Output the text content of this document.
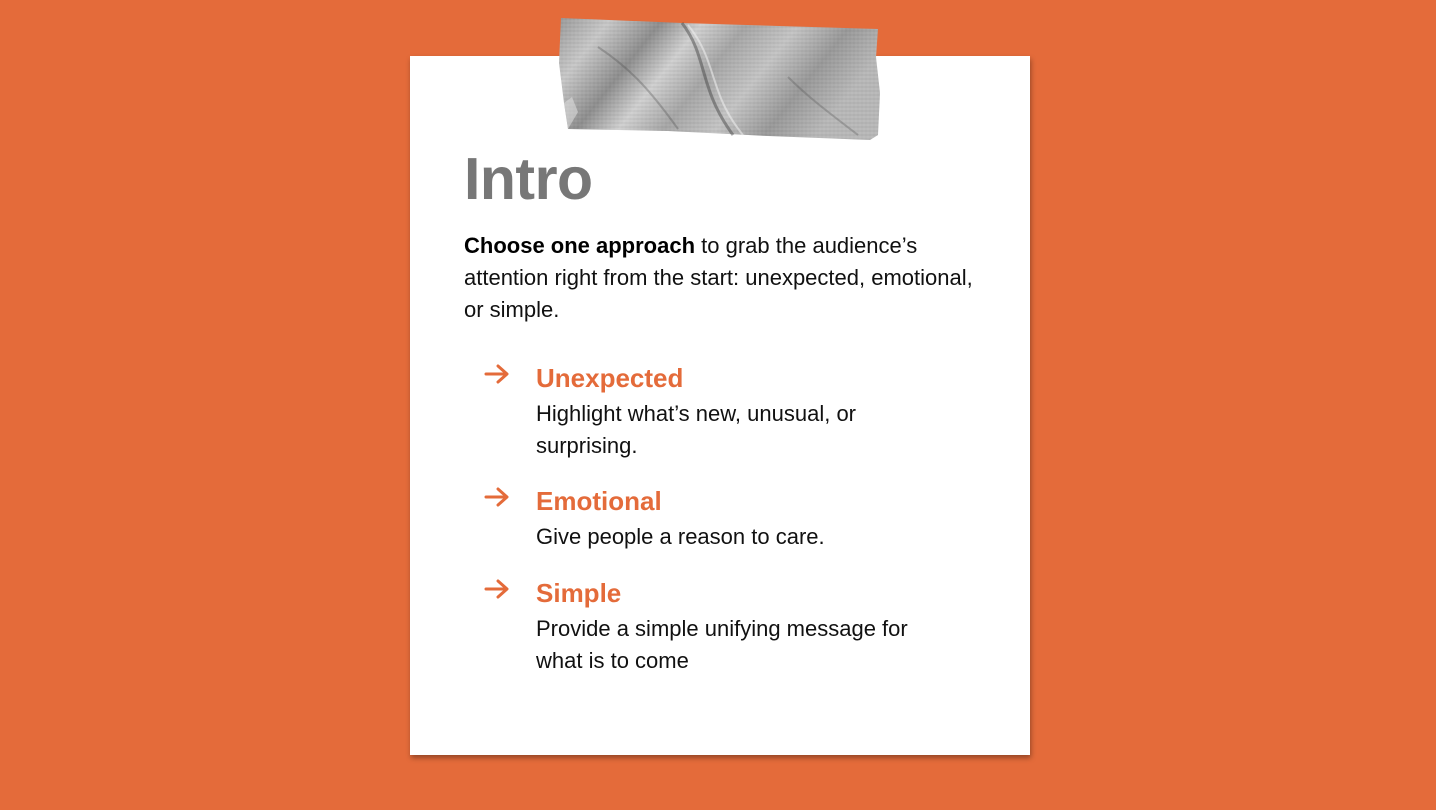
Intro

Choose one approach to grab the audience’s attention right from the start: unexpected, emotional, or simple.

Unexpected

Highlight what’s new, unusual, or surprising.

Emotional

Give people a reason to care.

Simple

Provide a simple unifying message for what is to come
